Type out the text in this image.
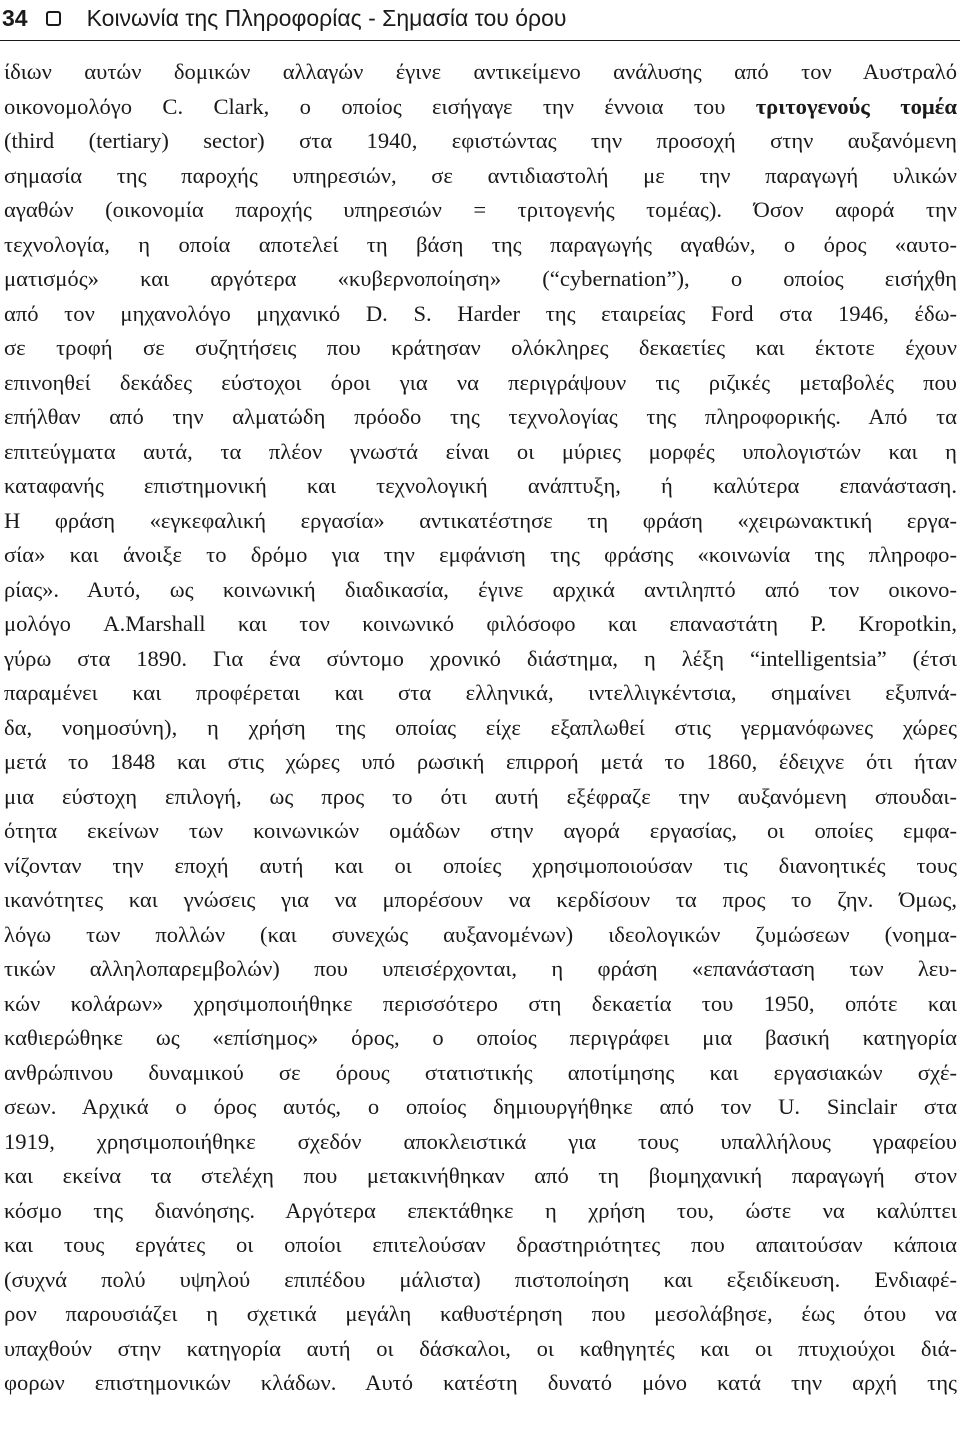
34	Κοινωνία της Πληροφορίας - Σημασία του όρου
ίδιων αυτών δομικών αλλαγών έγινε αντικείμενο ανάλυσης από τον Αυστραλό
οικονομολόγο C. Clark, ο οποίος εισήγαγε την έννοια του τριτογενούς τομέα
(third (tertiary) sector) στα 1940, εφιστώντας την προσοχή στην αυξανόμενη
σημασία της παροχής υπηρεσιών, σε αντιδιαστολή με την παραγωγή υλικών
αγαθών (οικονομία παροχής υπηρεσιών = τριτογενής τομέας). Όσον αφορά την
τεχνολογία, η οποία αποτελεί τη βάση της παραγωγής αγαθών, ο όρος «αυτο-
ματισμός» και αργότερα «κυβερνοποίηση» (“cybernation”), ο οποίος εισήχθη
από τον μηχανολόγο μηχανικό D. S. Harder της εταιρείας Ford στα 1946, έδω-
σε τροφή σε συζητήσεις που κράτησαν ολόκληρες δεκαετίες και έκτοτε έχουν
επινοηθεί δεκάδες εύστοχοι όροι για να περιγράψουν τις ριζικές μεταβολές που
επήλθαν από την αλματώδη πρόοδο της τεχνολογίας της πληροφορικής. Από τα
επιτεύγματα αυτά, τα πλέον γνωστά είναι οι μύριες μορφές υπολογιστών και η
καταφανής επιστημονική και τεχνολογική ανάπτυξη, ή καλύτερα επανάσταση.
Η φράση «εγκεφαλική εργασία» αντικατέστησε τη φράση «χειρωνακτική εργα-
σία» και άνοιξε το δρόμο για την εμφάνιση της φράσης «κοινωνία της πληροφο-
ρίας». Αυτό, ως κοινωνική διαδικασία, έγινε αρχικά αντιληπτό από τον οικονο-
μολόγο A.Marshall και τον κοινωνικό φιλόσοφο και επαναστάτη P. Kropotkin,
γύρω στα 1890. Για ένα σύντομο χρονικό διάστημα, η λέξη “intelligentsia” (έτσι
παραμένει και προφέρεται και στα ελληνικά, ιντελλιγκέντσια, σημαίνει εξυπνά-
δα, νοημοσύνη), η χρήση της οποίας είχε εξαπλωθεί στις γερμανόφωνες χώρες
μετά το 1848 και στις χώρες υπό ρωσική επιρροή μετά το 1860, έδειχνε ότι ήταν
μια εύστοχη επιλογή, ως προς το ότι αυτή εξέφραζε την αυξανόμενη σπουδαι-
ότητα εκείνων των κοινωνικών ομάδων στην αγορά εργασίας, οι οποίες εμφα-
νίζονταν την εποχή αυτή και οι οποίες χρησιμοποιούσαν τις διανοητικές τους
ικανότητες και γνώσεις για να μπορέσουν να κερδίσουν τα προς το ζην. Όμως,
λόγω των πολλών (και συνεχώς αυξανομένων) ιδεολογικών ζυμώσεων (νοημα-
τικών αλληλοπαρεμβολών) που υπεισέρχονται, η φράση «επανάσταση των λευ-
κών κολάρων» χρησιμοποιήθηκε περισσότερο στη δεκαετία του 1950, οπότε και
καθιερώθηκε ως «επίσημος» όρος, ο οποίος περιγράφει μια βασική κατηγορία
ανθρώπινου δυναμικού σε όρους στατιστικής αποτίμησης και εργασιακών σχέ-
σεων. Αρχικά ο όρος αυτός, ο οποίος δημιουργήθηκε από τον U. Sinclair στα
1919, χρησιμοποιήθηκε σχεδόν αποκλειστικά για τους υπαλλήλους γραφείου
και εκείνα τα στελέχη που μετακινήθηκαν από τη βιομηχανική παραγωγή στον
κόσμο της διανόησης. Αργότερα επεκτάθηκε η χρήση του, ώστε να καλύπτει
και τους εργάτες οι οποίοι επιτελούσαν δραστηριότητες που απαιτούσαν κάποια
(συχνά πολύ υψηλού επιπέδου μάλιστα) πιστοποίηση και εξειδίκευση. Ενδιαφέ-
ρον παρουσιάζει η σχετικά μεγάλη καθυστέρηση που μεσολάβησε, έως ότου να
υπαχθούν στην κατηγορία αυτή οι δάσκαλοι, οι καθηγητές και οι πτυχιούχοι διά-
φορων επιστημονικών κλάδων. Αυτό κατέστη δυνατό μόνο κατά την αρχή της
